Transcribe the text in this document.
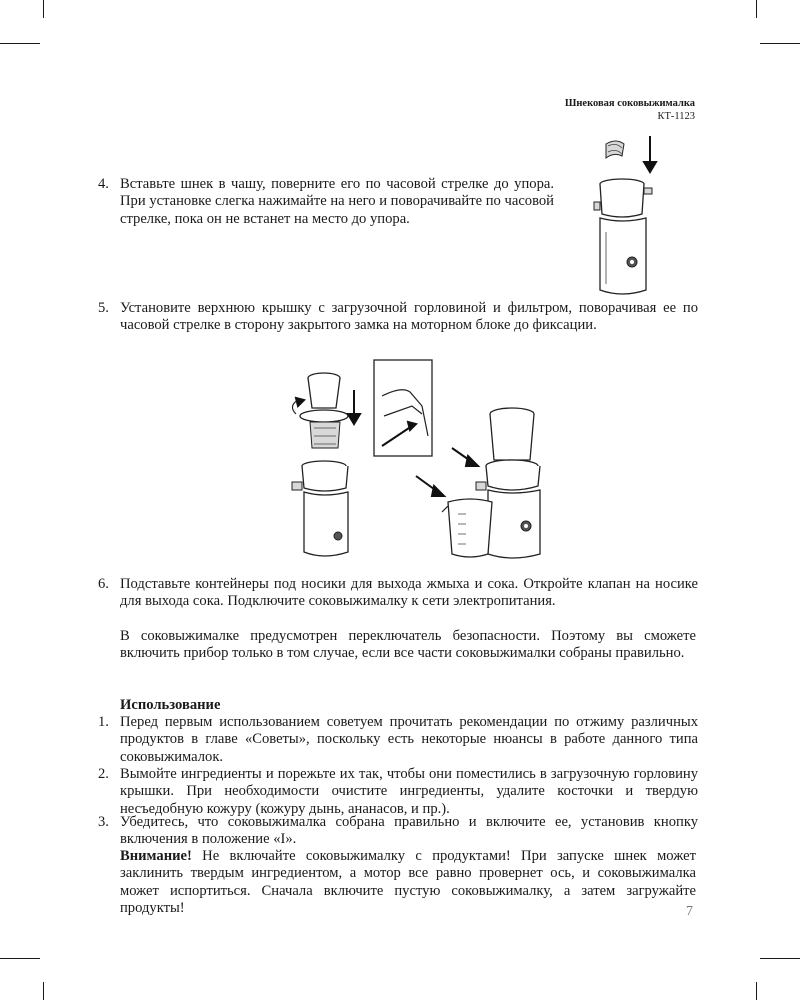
Шнековая соковыжималка
КТ-1123
4. Вставьте шнек в чашу, поверните его по часовой стрелке до упора. При установке слегка нажимайте на него и поворачивайте по часовой стрелке, пока он не встанет на место до упора.
5. Установите верхнюю крышку с загрузочной горловиной и фильтром, поворачивая ее по часовой стрелке в сторону закрытого замка на моторном блоке до фиксации.
6. Подставьте контейнеры под носики для выхода жмыха и сока. Откройте клапан на носике для выхода сока. Подключите соковыжималку к сети электропитания.
В соковыжималке предусмотрен переключатель безопасности. Поэтому вы сможете включить прибор только в том случае, если все части соковыжималки собраны правильно.
Использование
1. Перед первым использованием советуем прочитать рекомендации по отжиму различных продуктов в главе «Советы», поскольку есть некоторые нюансы в работе данного типа соковыжималок.
2. Вымойте ингредиенты и порежьте их так, чтобы они поместились в загрузочную горловину крышки. При необходимости очистите ингредиенты, удалите косточки и твердую несъедобную кожуру (кожуру дынь, ананасов, и пр.).
3. Убедитесь, что соковыжималка собрана правильно и включите ее, установив кнопку включения в положение «I».
Внимание! Не включайте соковыжималку с продуктами! При запуске шнек может заклинить твердым ингредиентом, а мотор все равно провернет ось, и соковыжималка может испортиться. Сначала включите пустую соковыжималку, а затем загружайте продукты!	7
